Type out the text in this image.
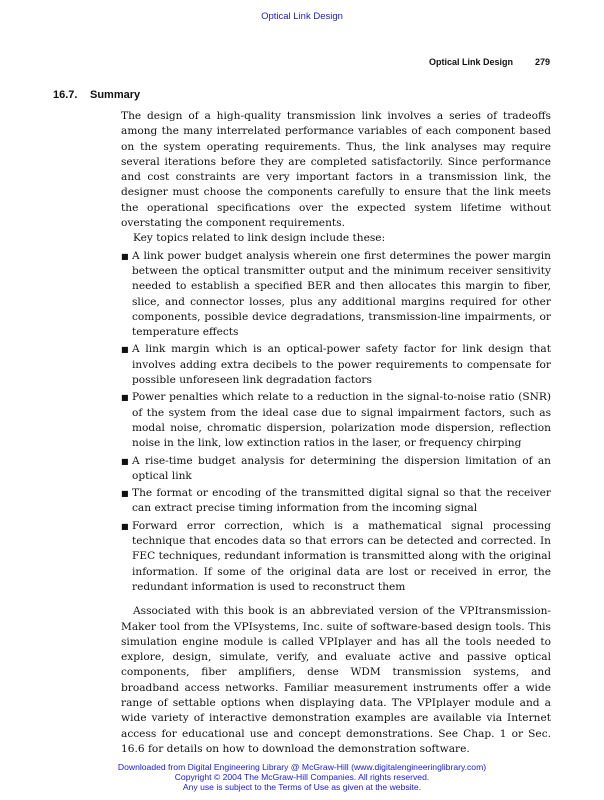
Optical Link Design
Optical Link Design 279
16.7. Summary

The design of a high-quality transmission link involves a series of tradeoffs among the many interrelated performance variables of each component based on the system operating requirements. Thus, the link analyses may require several iterations before they are completed satisfactorily. Since performance and cost constraints are very important factors in a transmission link, the designer must choose the components carefully to ensure that the link meets the operational specifications over the expected system lifetime without overstating the component requirements.

Key topics related to link design include these:

■ A link power budget analysis wherein one first determines the power margin between the optical transmitter output and the minimum receiver sensitivity needed to establish a specified BER and then allocates this margin to fiber, slice, and connector losses, plus any additional margins required for other components, possible device degradations, transmission-line impairments, or temperature effects
■ A link margin which is an optical-power safety factor for link design that involves adding extra decibels to the power requirements to compensate for possible unforeseen link degradation factors
■ Power penalties which relate to a reduction in the signal-to-noise ratio (SNR) of the system from the ideal case due to signal impairment factors, such as modal noise, chromatic dispersion, polarization mode dispersion, reflection noise in the link, low extinction ratios in the laser, or frequency chirping
■ A rise-time budget analysis for determining the dispersion limitation of an optical link
■ The format or encoding of the transmitted digital signal so that the receiver can extract precise timing information from the incoming signal
■ Forward error correction, which is a mathematical signal processing technique that encodes data so that errors can be detected and corrected. In FEC techniques, redundant information is transmitted along with the original information. If some of the original data are lost or received in error, the redundant information is used to reconstruct them

Associated with this book is an abbreviated version of the VPItransmission-Maker tool from the VPIsystems, Inc. suite of software-based design tools. This simulation engine module is called VPIplayer and has all the tools needed to explore, design, simulate, verify, and evaluate active and passive optical components, fiber amplifiers, dense WDM transmission systems, and broadband access networks. Familiar measurement instruments offer a wide range of settable options when displaying data. The VPIplayer module and a wide variety of interactive demonstration examples are available via Internet access for educational use and concept demonstrations. See Chap. 1 or Sec. 16.6 for details on how to download the demonstration software.

Downloaded from Digital Engineering Library @ McGraw-Hill (www.digitalengineeringlibrary.com)
Copyright © 2004 The McGraw-Hill Companies. All rights reserved.
Any use is subject to the Terms of Use as given at the website.
